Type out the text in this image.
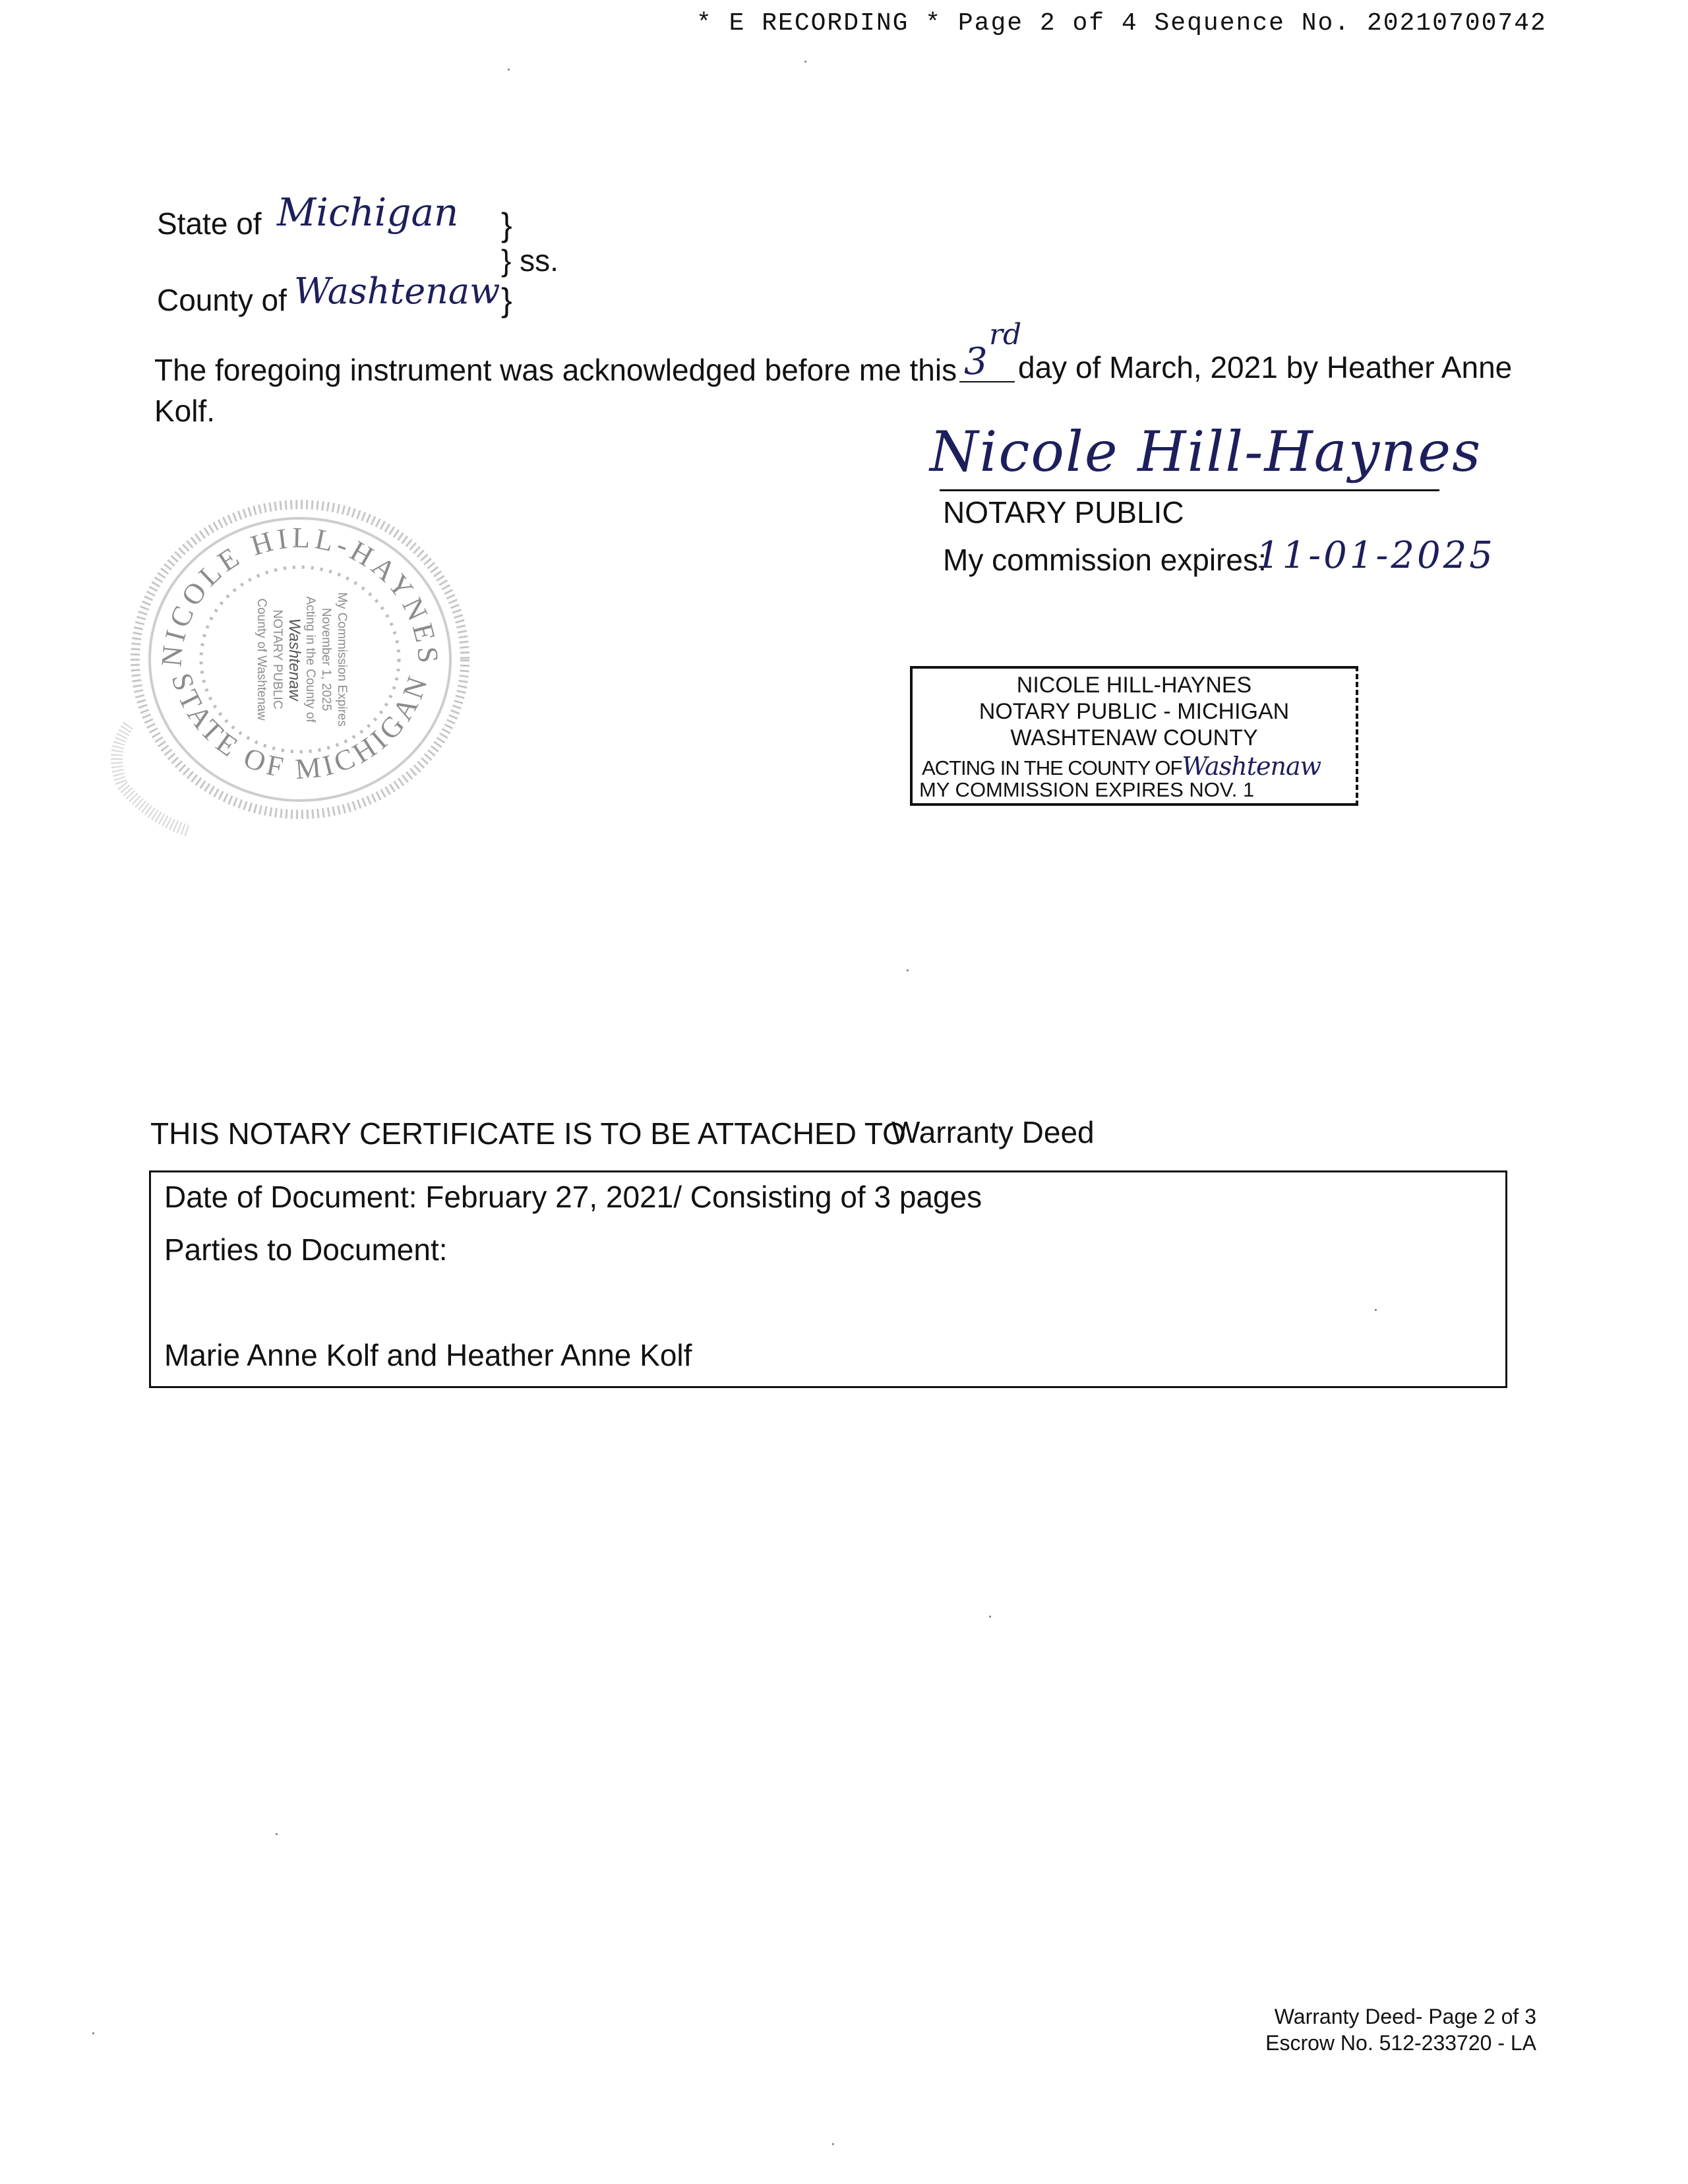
* E RECORDING * Page 2 of 4 Sequence No. 20210700742
State of Michigan }
} ss.
County of Washtenaw }
The foregoing instrument was acknowledged before me this 3
rd
day of March, 2021 by Heather Anne
Kolf.
Nicole Hill-Haynes
NOTARY PUBLIC
My commission expires:
11-01-2025
NICOLE HILL-HAYNES
NOTARY PUBLIC - MICHIGAN
WASHTENAW COUNTY
ACTING IN THE COUNTY OFWashtenaw
MY COMMISSION EXPIRES NOV. 1
NICOLE HILL-HAYNES
STATE OF MICHIGAN
My Commission Expires
November 1, 2025
Acting in the County of
Washtenaw
NOTARY PUBLIC
County of Washtenaw
THIS NOTARY CERTIFICATE IS TO BE ATTACHED TO
Warranty Deed
Date of Document: February 27, 2021/ Consisting of 3 pages
Parties to Document:
Marie Anne Kolf and Heather Anne Kolf
Warranty Deed- Page 2 of 3
Escrow No. 512-233720 - LA
